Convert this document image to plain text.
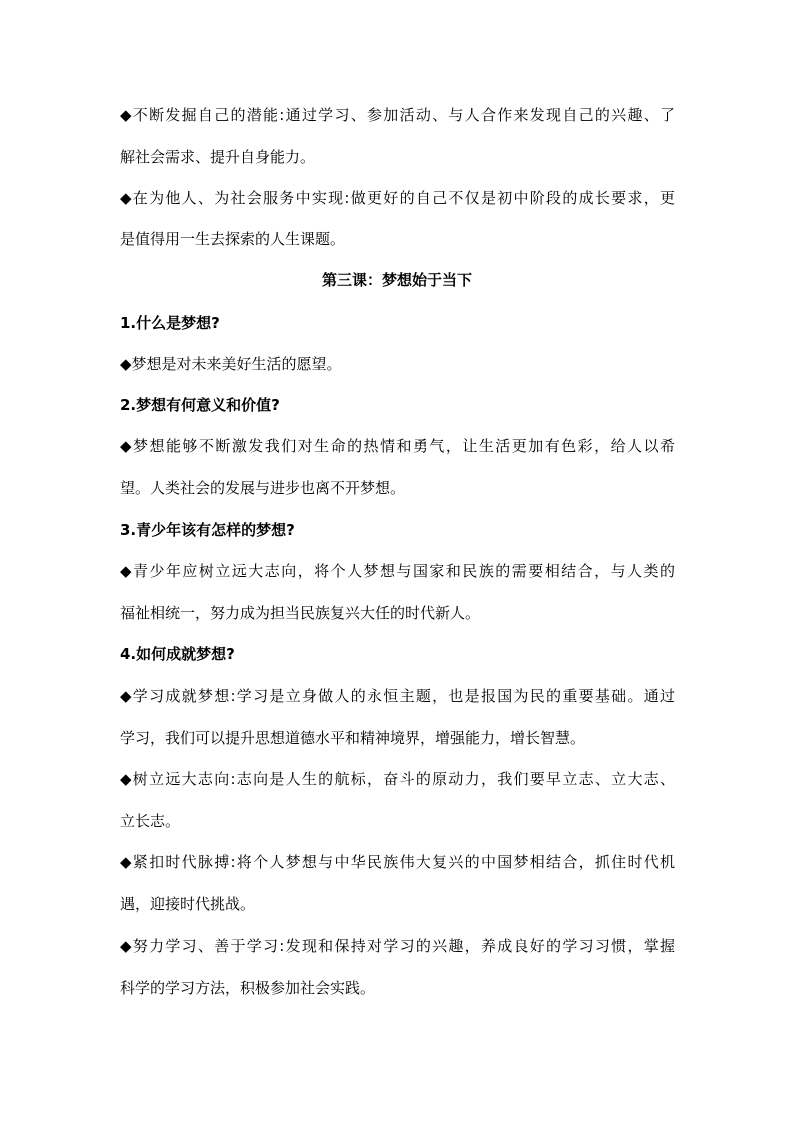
◆不断发掘自己的潜能:通过学习、参加活动、与人合作来发现自己的兴趣、了
解社会需求、提升自身能力。
◆在为他人、为社会服务中实现:做更好的自己不仅是初中阶段的成长要求，更
是值得用一生去探索的人生课题。
第三课：梦想始于当下
1.什么是梦想?
◆梦想是对未来美好生活的愿望。
2.梦想有何意义和价值?
◆梦想能够不断激发我们对生命的热情和勇气，让生活更加有色彩，给人以希
望。人类社会的发展与进步也离不开梦想。
3.青少年该有怎样的梦想?
◆青少年应树立远大志向，将个人梦想与国家和民族的需要相结合，与人类的
福祉相统一，努力成为担当民族复兴大任的时代新人。
4.如何成就梦想?
◆学习成就梦想:学习是立身做人的永恒主题，也是报国为民的重要基础。通过
学习，我们可以提升思想道德水平和精神境界，增强能力，增长智慧。
◆树立远大志向:志向是人生的航标，奋斗的原动力，我们要早立志、立大志、
立长志。
◆紧扣时代脉搏:将个人梦想与中华民族伟大复兴的中国梦相结合，抓住时代机
遇，迎接时代挑战。
◆努力学习、善于学习:发现和保持对学习的兴趣，养成良好的学习习惯，掌握
科学的学习方法，积极参加社会实践。
